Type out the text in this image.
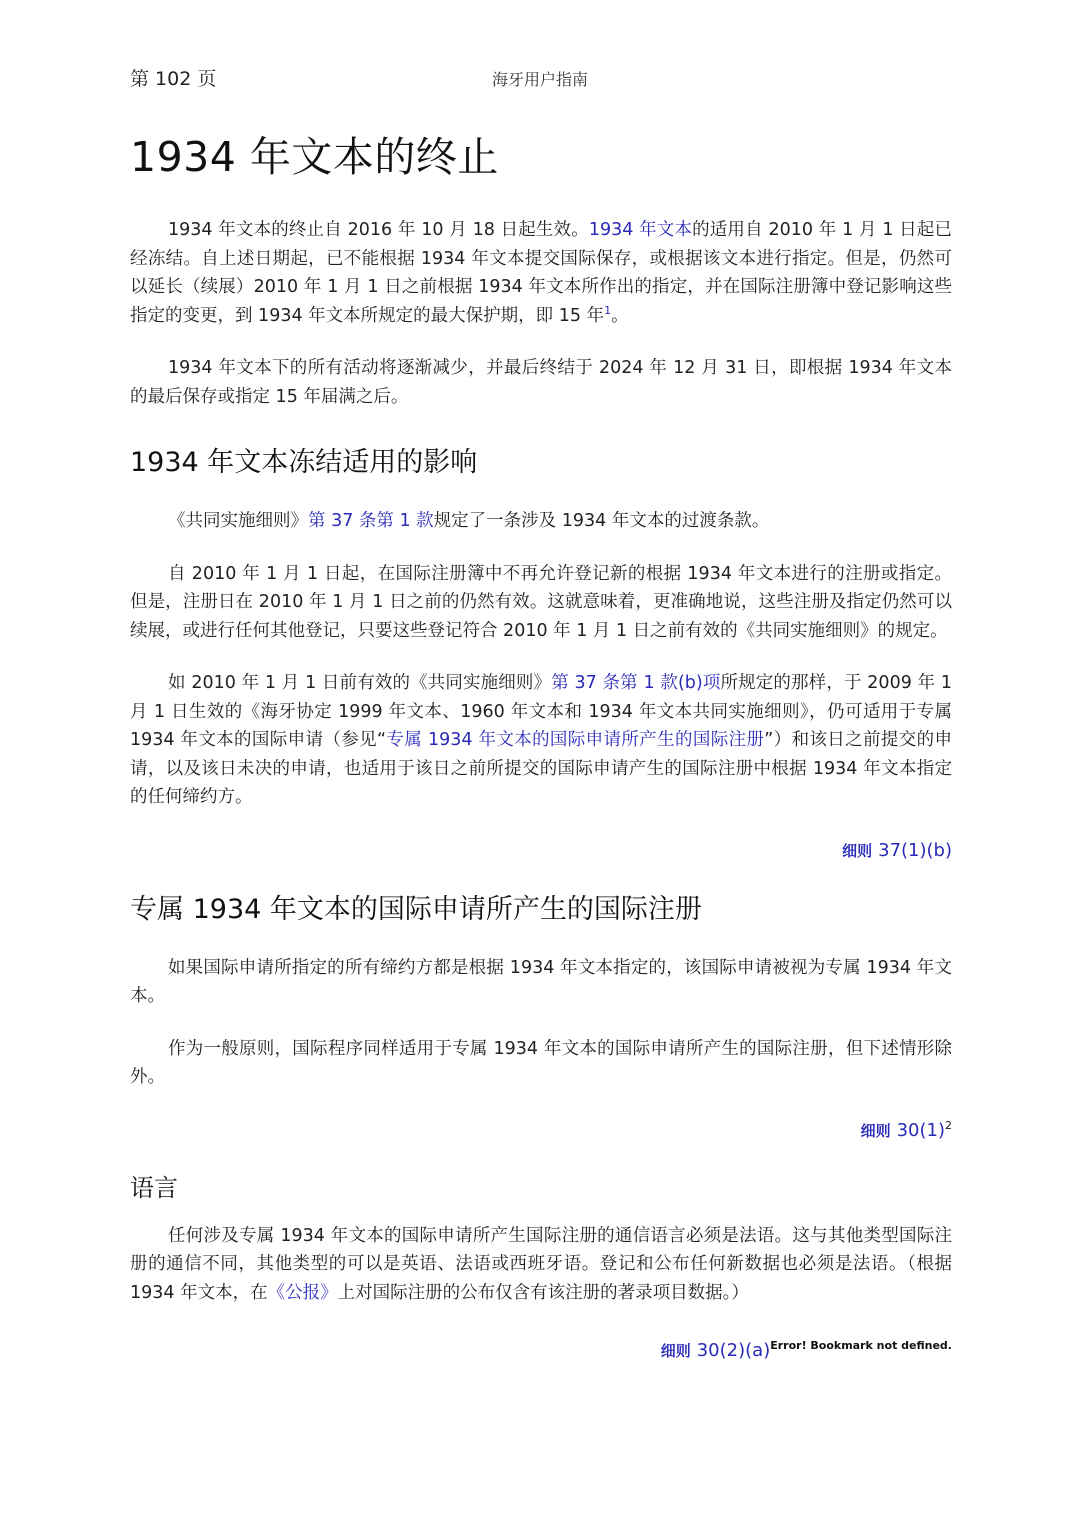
第 102 页	海牙用户指南
1934 年文本的终止

1934 年文本的终止自 2016 年 10 月 18 日起生效。1934 年文本的适用自 2010 年 1 月 1 日起已经冻结。自上述日期起，已不能根据 1934 年文本提交国际保存，或根据该文本进行指定。但是，仍然可以延长（续展）2010 年 1 月 1 日之前根据 1934 年文本所作出的指定，并在国际注册簿中登记影响这些指定的变更，到 1934 年文本所规定的最大保护期，即 15 年$^1$。

1934 年文本下的所有活动将逐渐减少，并最后终结于 2024 年 12 月 31 日，即根据 1934 年文本的最后保存或指定 15 年届满之后。

1934 年文本冻结适用的影响

《共同实施细则》第 37 条第 1 款规定了一条涉及 1934 年文本的过渡条款。

自 2010 年 1 月 1 日起，在国际注册簿中不再允许登记新的根据 1934 年文本进行的注册或指定。但是，注册日在 2010 年 1 月 1 日之前的仍然有效。这就意味着，更准确地说，这些注册及指定仍然可以续展，或进行任何其他登记，只要这些登记符合 2010 年 1 月 1 日之前有效的《共同实施细则》的规定。

如 2010 年 1 月 1 日前有效的《共同实施细则》第 37 条第 1 款(b)项所规定的那样，于 2009 年 1 月 1 日生效的《海牙协定 1999 年文本、1960 年文本和 1934 年文本共同实施细则》，仍可适用于专属 1934 年文本的国际申请（参见“专属 1934 年文本的国际申请所产生的国际注册”）和该日之前提交的申请，以及该日未决的申请，也适用于该日之前所提交的国际申请产生的国际注册中根据 1934 年文本指定的任何缔约方。

细则 37(1)(b)
专属 1934 年文本的国际申请所产生的国际注册

如果国际申请所指定的所有缔约方都是根据 1934 年文本指定的，该国际申请被视为专属 1934 年文本。

作为一般原则，国际程序同样适用于专属 1934 年文本的国际申请所产生的国际注册，但下述情形除外。

细则 $30(1)^2$
语言

任何涉及专属 1934 年文本的国际申请所产生国际注册的通信语言必须是法语。这与其他类型国际注册的通信不同，其他类型的可以是英语、法语或西班牙语。登记和公布任何新数据也必须是法语。（根据 1934 年文本，在《公报》上对国际注册的公布仅含有该注册的著录项目数据。）

细则 $30(2)(a)^{Error! Bookmark not defined.}$
